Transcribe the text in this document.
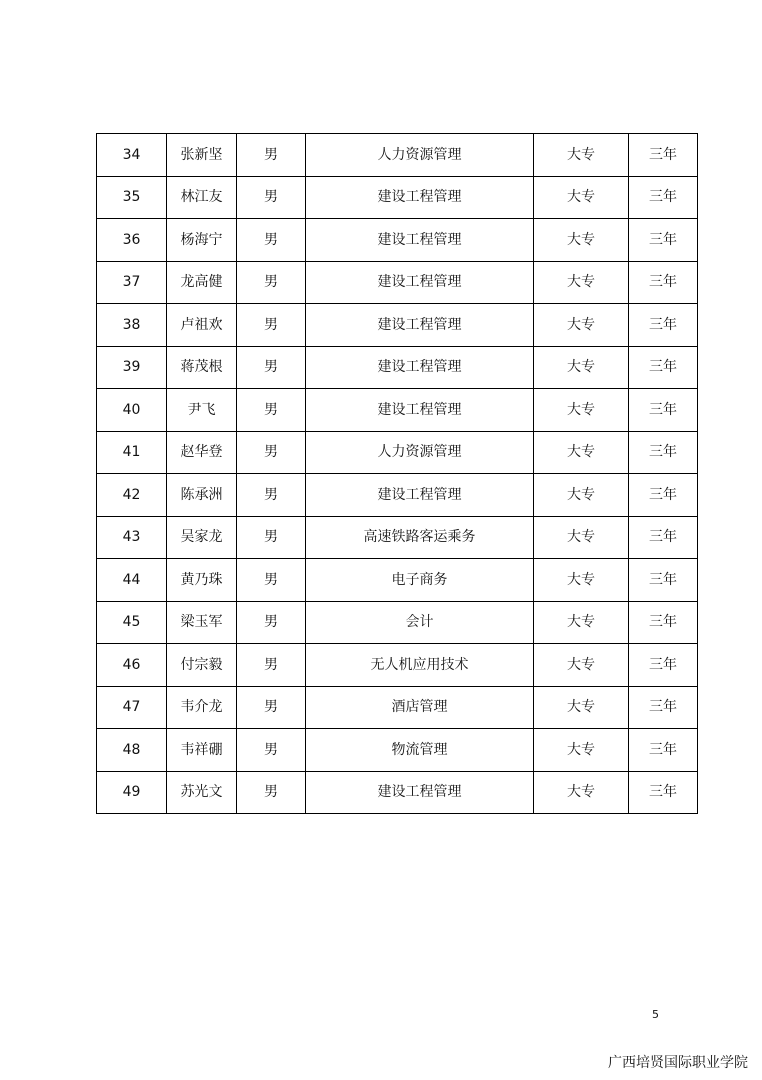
34	张新坚	男	人力资源管理	大专	三年
35	林江友	男	建设工程管理	大专	三年
36	杨海宁	男	建设工程管理	大专	三年
37	龙高健	男	建设工程管理	大专	三年
38	卢祖欢	男	建设工程管理	大专	三年
39	蒋茂根	男	建设工程管理	大专	三年
40	尹飞	男	建设工程管理	大专	三年
41	赵华登	男	人力资源管理	大专	三年
42	陈承洲	男	建设工程管理	大专	三年
43	吴家龙	男	高速铁路客运乘务	大专	三年
44	黄乃珠	男	电子商务	大专	三年
45	梁玉军	男	会计	大专	三年
46	付宗毅	男	无人机应用技术	大专	三年
47	韦介龙	男	酒店管理	大专	三年
48	韦祥硼	男	物流管理	大专	三年
49	苏光文	男	建设工程管理	大专	三年
5
广西培贤国际职业学院
